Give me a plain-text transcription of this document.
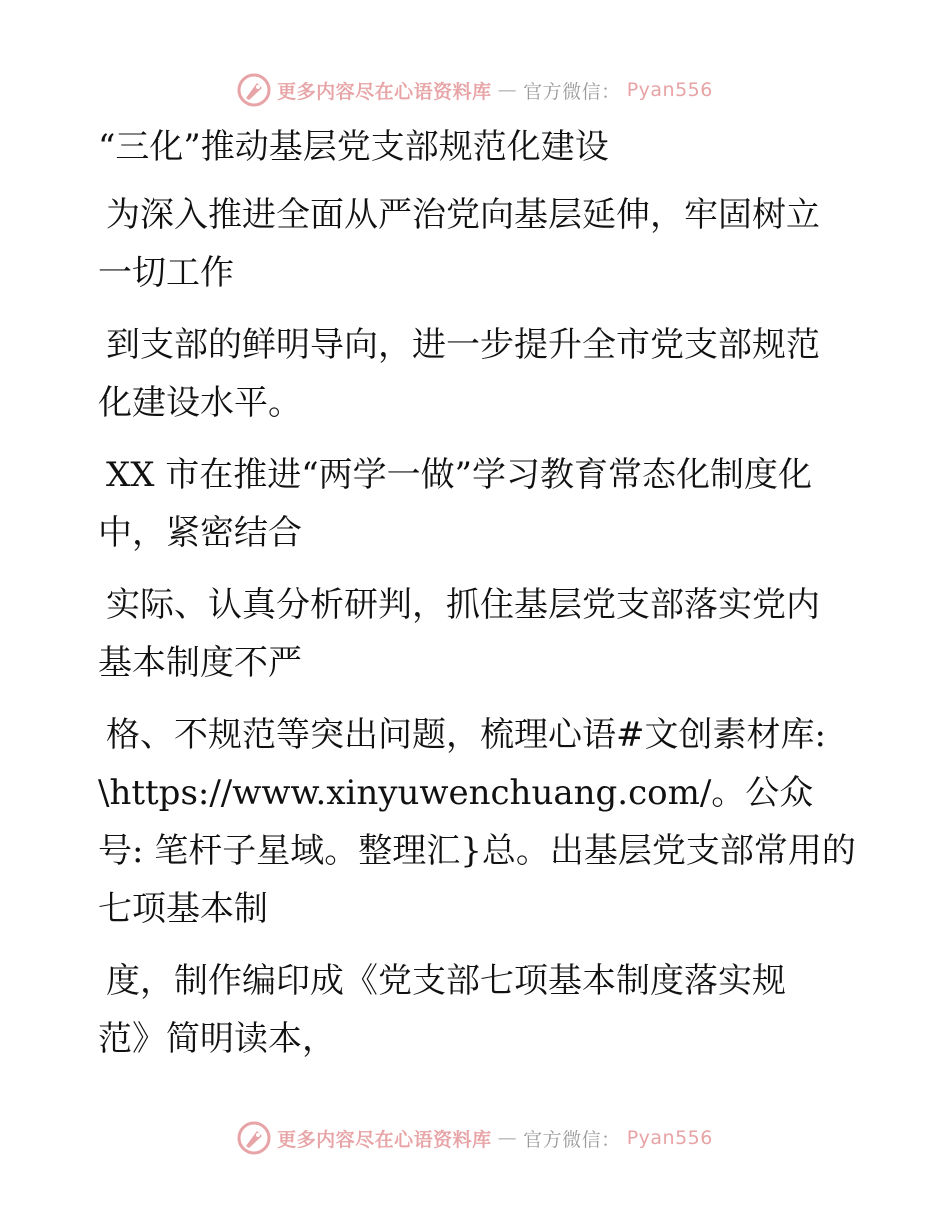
更多内容尽在心语资料库 — 官方微信： Pyan556
“三化”推动基层党支部规范化建设
为深入推进全面从严治党向基层延伸，牢固树立
一切工作
到支部的鲜明导向，进一步提升全市党支部规范
化建设水平。
XX 市在推进“两学一做”学习教育常态化制度化
中，紧密结合
实际、认真分析研判，抓住基层党支部落实党内
基本制度不严
格、不规范等突出问题，梳理心语#文创素材库:
\https://www.xinyuwenchuang.com/。公众号: 笔杆子星域。整理汇}总。出基层党支部常用的七项基本制
度，制作编印成《党支部七项基本制度落实规
范》简明读本，
更多内容尽在心语资料库 — 官方微信： Pyan556
